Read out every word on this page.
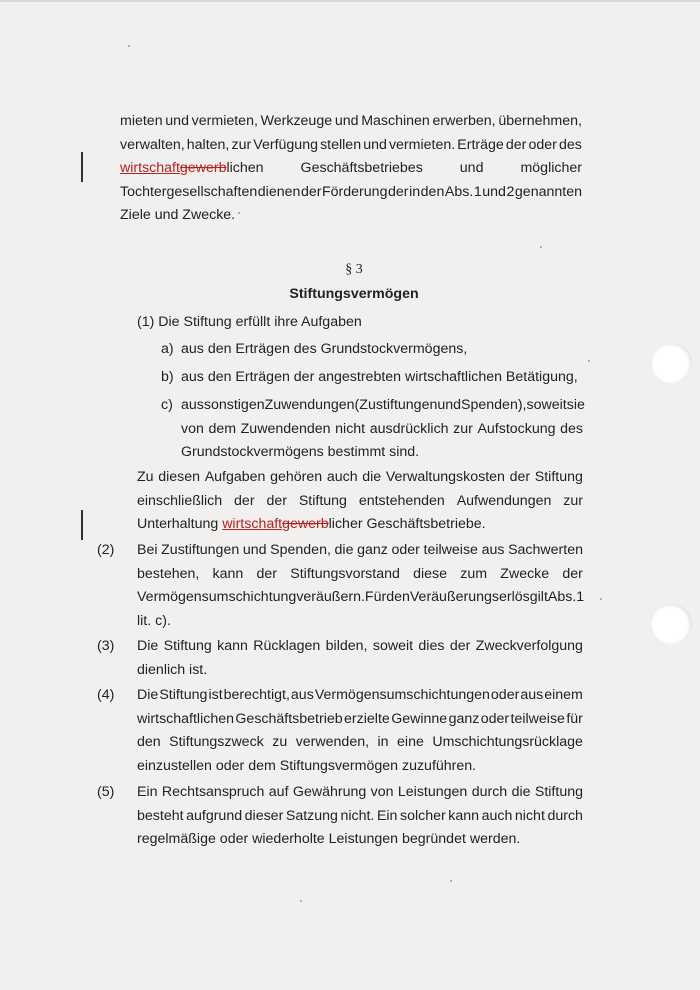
mieten und vermieten, Werkzeuge und Maschinen erwerben, übernehmen,
verwalten, halten, zur Verfügung stellen und vermieten. Erträge der oder des
wirtschaftgewerblichen	Geschäftsbetriebes	und	möglicher
Tochtergesellschaften dienen der Förderung der in den Abs. 1 und 2 genannten
Ziele und Zwecke.
§ 3
Stiftungsvermögen
(1) Die Stiftung erfüllt ihre Aufgaben
a) aus den Erträgen des Grundstockvermögens,
b) aus den Erträgen der angestrebten wirtschaftlichen Betätigung,
c) aus sonstigen Zuwendungen (Zustiftungen und Spenden), soweit sie
von dem Zuwendenden nicht ausdrücklich zur Aufstockung des
Grundstockvermögens bestimmt sind.
Zu diesen Aufgaben gehören auch die Verwaltungskosten der Stiftung
einschließlich der der Stiftung entstehenden Aufwendungen zur
Unterhaltung wirtschaftgewerblicher Geschäftsbetriebe.
(2) Bei Zustiftungen und Spenden, die ganz oder teilweise aus Sachwerten
bestehen, kann der Stiftungsvorstand diese zum Zwecke der
Vermögensumschichtung veräußern. Für den Veräußerungserlös gilt Abs. 1
lit. c).
(3) Die Stiftung kann Rücklagen bilden, soweit dies der Zweckverfolgung
dienlich ist.
(4) Die Stiftung ist berechtigt, aus Vermögensumschichtungen oder aus einem
wirtschaftlichen Geschäftsbetrieb erzielte Gewinne ganz oder teilweise für
den Stiftungszweck zu verwenden, in eine Umschichtungsrücklage
einzustellen oder dem Stiftungsvermögen zuzuführen.
(5) Ein Rechtsanspruch auf Gewährung von Leistungen durch die Stiftung
besteht aufgrund dieser Satzung nicht. Ein solcher kann auch nicht durch
regelmäßige oder wiederholte Leistungen begründet werden.
